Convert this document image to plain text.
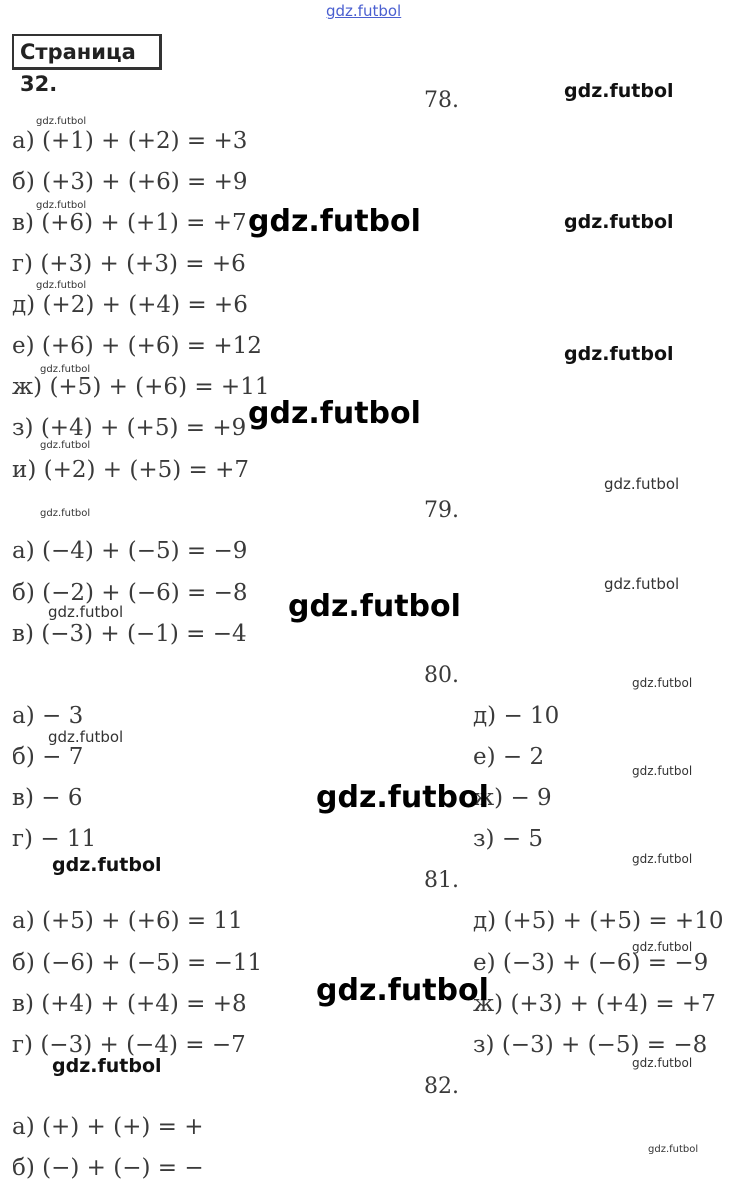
gdz.futbol
Страница 32.
78.
а) (+1) + (+2) = +3
б) (+3) + (+6) = +9
в) (+6) + (+1) = +7
г) (+3) + (+3) = +6
д) (+2) + (+4) = +6
е) (+6) + (+6) = +12
ж) (+5) + (+6) = +11
з) (+4) + (+5) = +9
и) (+2) + (+5) = +7
79.
а) (−4) + (−5) = −9
б) (−2) + (−6) = −8
в) (−3) + (−1) = −4
80.
а) − 3
б) − 7
в) − 6
г) − 11
д) − 10
е) − 2
ж) − 9
з) − 5
81.
а) (+5) + (+6) = 11
б) (−6) + (−5) = −11
в) (+4) + (+4) = +8
г) (−3) + (−4) = −7
д) (+5) + (+5) = +10
е) (−3) + (−6) = −9
ж) (+3) + (+4) = +7
з) (−3) + (−5) = −8
82.
а) (+) + (+) = +
б) (−) + (−) = −
gdz.futbol
gdz.futbol
gdz.futbol
gdz.futbol
gdz.futbol
gdz.futbol
gdz.futbol
gdz.futbol
gdz.futbol
gdz.futbol
gdz.futbol
gdz.futbol
gdz.futbol
gdz.futbol
gdz.futbol
gdz.futbol
gdz.futbol
gdz.futbol
gdz.futbol
gdz.futbol
gdz.futbol
gdz.futbol
gdz.futbol
gdz.futbol
gdz.futbol
gdz.futbol
